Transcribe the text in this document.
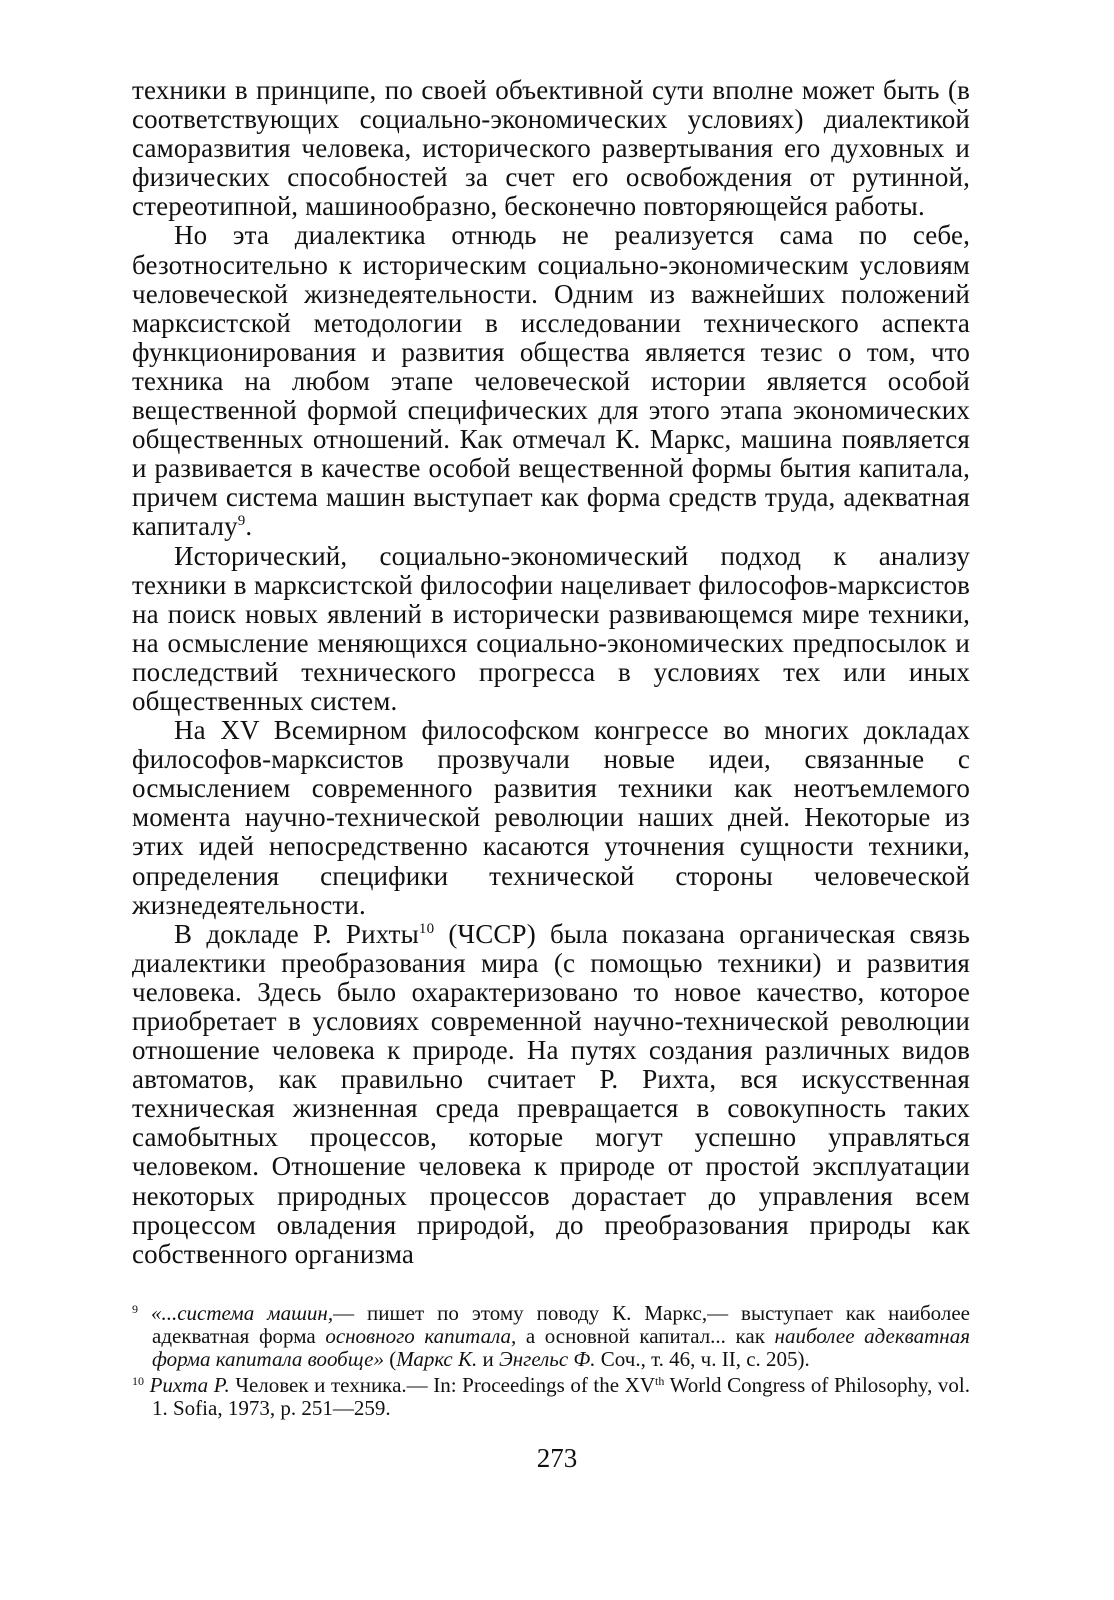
техники в принципе, по своей объективной сути вполне может быть (в соответствующих социально-экономических условиях) диалектикой саморазвития человека, исторического развертывания его духовных и физических способностей за счет его освобождения от рутинной, стереотипной, машинообразно, бесконечно повторяющейся работы.

Но эта диалектика отнюдь не реализуется сама по себе, безотносительно к историческим социально-экономическим условиям человеческой жизнедеятельности. Одним из важнейших положений марксистской методологии в исследовании технического аспекта функционирования и развития общества является тезис о том, что техника на любом этапе человеческой истории является особой вещественной формой специфических для этого этапа экономических общественных отношений. Как отмечал К. Маркс, машина появляется и развивается в качестве особой вещественной формы бытия капитала, причем система машин выступает как форма средств труда, адекватная капиталу$^9$.

Исторический, социально-экономический подход к анализу техники в марксистской философии нацеливает философов-марксистов на поиск новых явлений в исторически развивающемся мире техники, на осмысление меняющихся социально-экономических предпосылок и последствий технического прогресса в условиях тех или иных общественных систем.

На XV Всемирном философском конгрессе во многих докладах философов-марксистов прозвучали новые идеи, связанные с осмыслением современного развития техники как неотъемлемого момента научно-технической революции наших дней. Некоторые из этих идей непосредственно касаются уточнения сущности техники, определения специфики технической стороны человеческой жизнедеятельности.

В докладе Р. Рихты$^{10}$ (ЧССР) была показана органическая связь диалектики преобразования мира (с помощью техники) и развития человека. Здесь было охарактеризовано то новое качество, которое приобретает в условиях современной научно-технической революции отношение человека к природе. На путях создания различных видов автоматов, как правильно считает Р. Рихта, вся искусственная техническая жизненная среда превращается в совокупность таких самобытных процессов, которые могут успешно управляться человеком. Отношение человека к природе от простой эксплуатации некоторых природных процессов дорастает до управления всем процессом овладения природой, до преобразования природы как собственного организма

$^9$ «...система машин,— пишет по этому поводу К. Маркс,— выступает как наиболее адекватная форма основного капитала, а основной капитал... как наиболее адекватная форма капитала вообще» (Маркс К. и Энгельс Ф. Соч., т. 46, ч. II, с. 205).

$^{10}$ Рихта Р. Человек и техника.— In: Proceedings of the XVth World Congress of Philosophy, vol. 1. Sofia, 1973, p. 251—259.

273
